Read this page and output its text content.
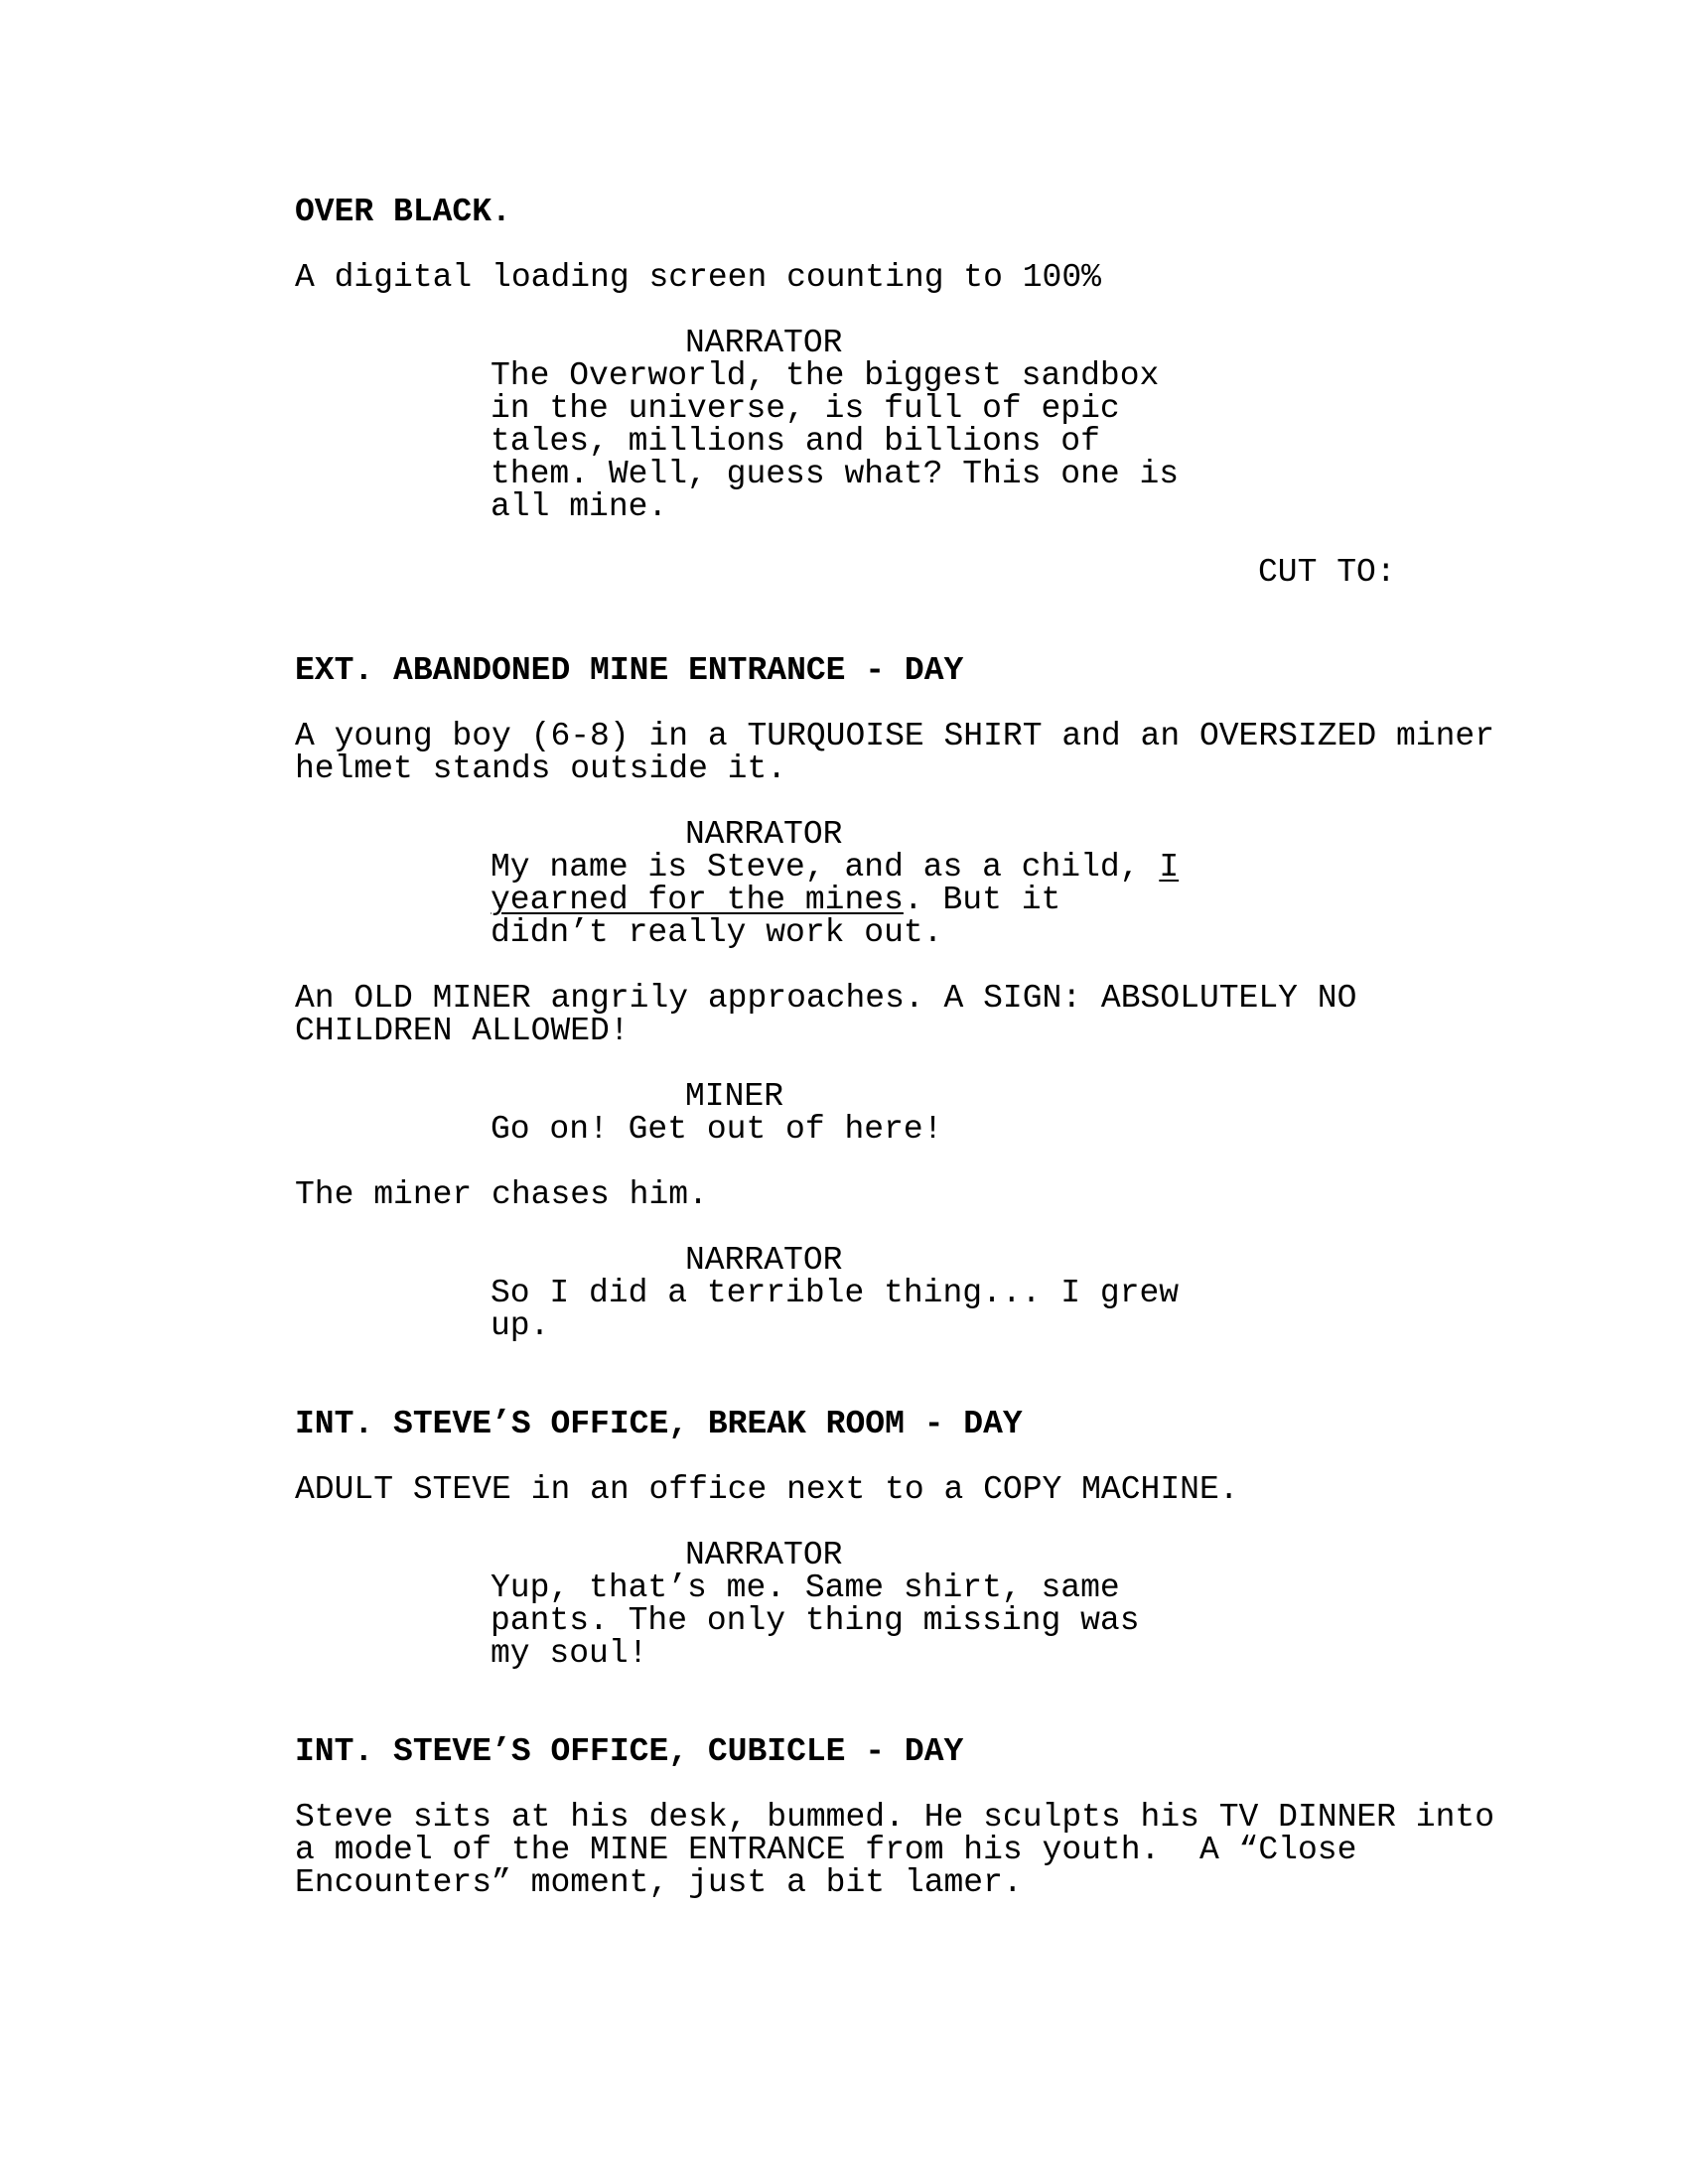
OVER BLACK.
A digital loading screen counting to 100%
NARRATOR
The Overworld, the biggest sandbox
in the universe, is full of epic
tales, millions and billions of
them. Well, guess what? This one is
all mine.
CUT TO:
EXT. ABANDONED MINE ENTRANCE - DAY
A young boy (6-8) in a TURQUOISE SHIRT and an OVERSIZED miner
helmet stands outside it.
NARRATOR
My name is Steve, and as a child, I
yearned for the mines. But it
didn’t really work out.
An OLD MINER angrily approaches. A SIGN: ABSOLUTELY NO
CHILDREN ALLOWED!
MINER
Go on! Get out of here!
The miner chases him.
NARRATOR
So I did a terrible thing... I grew
up.
INT. STEVE’S OFFICE, BREAK ROOM - DAY
ADULT STEVE in an office next to a COPY MACHINE.
NARRATOR
Yup, that’s me. Same shirt, same
pants. The only thing missing was
my soul!
INT. STEVE’S OFFICE, CUBICLE - DAY
Steve sits at his desk, bummed. He sculpts his TV DINNER into
a model of the MINE ENTRANCE from his youth.  A “Close
Encounters” moment, just a bit lamer.
